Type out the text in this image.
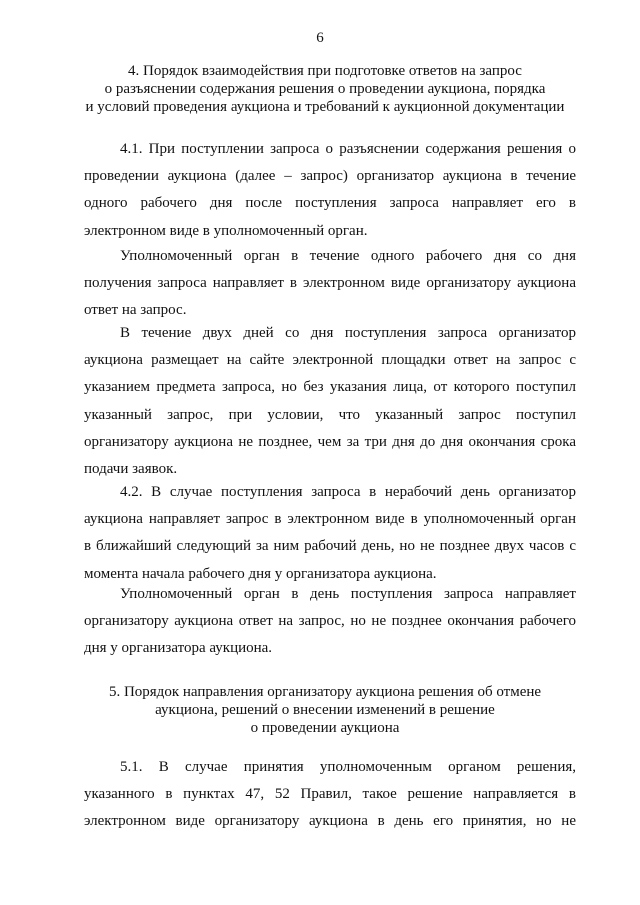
6
4. Порядок взаимодействия при подготовке ответов на запрос
о разъяснении содержания решения о проведении аукциона, порядка
и условий проведения аукциона и требований к аукционной документации
4.1. При поступлении запроса о разъяснении содержания решения о
проведении аукциона (далее – запрос) организатор аукциона в течение
одного рабочего дня после поступления запроса направляет его в
электронном виде в уполномоченный орган.
Уполномоченный орган в течение одного рабочего дня со дня
получения запроса направляет в электронном виде организатору аукциона
ответ на запрос.
В течение двух дней со дня поступления запроса организатор
аукциона размещает на сайте электронной площадки ответ на запрос с
указанием предмета запроса, но без указания лица, от которого поступил
указанный запрос, при условии, что указанный запрос поступил
организатору аукциона не позднее, чем за три дня до дня окончания срока
подачи заявок.
4.2. В случае поступления запроса в нерабочий день организатор
аукциона направляет запрос в электронном виде в уполномоченный орган
в ближайший следующий за ним рабочий день, но не позднее двух часов с
момента начала рабочего дня у организатора аукциона.
Уполномоченный орган в день поступления запроса направляет
организатору аукциона ответ на запрос, но не позднее окончания рабочего
дня у организатора аукциона.
5. Порядок направления организатору аукциона решения об отмене
аукциона, решений о внесении изменений в решение
о проведении аукциона
5.1. В случае принятия уполномоченным органом решения,
указанного в пунктах 47, 52 Правил, такое решение направляется в
электронном виде организатору аукциона в день его принятия, но не
